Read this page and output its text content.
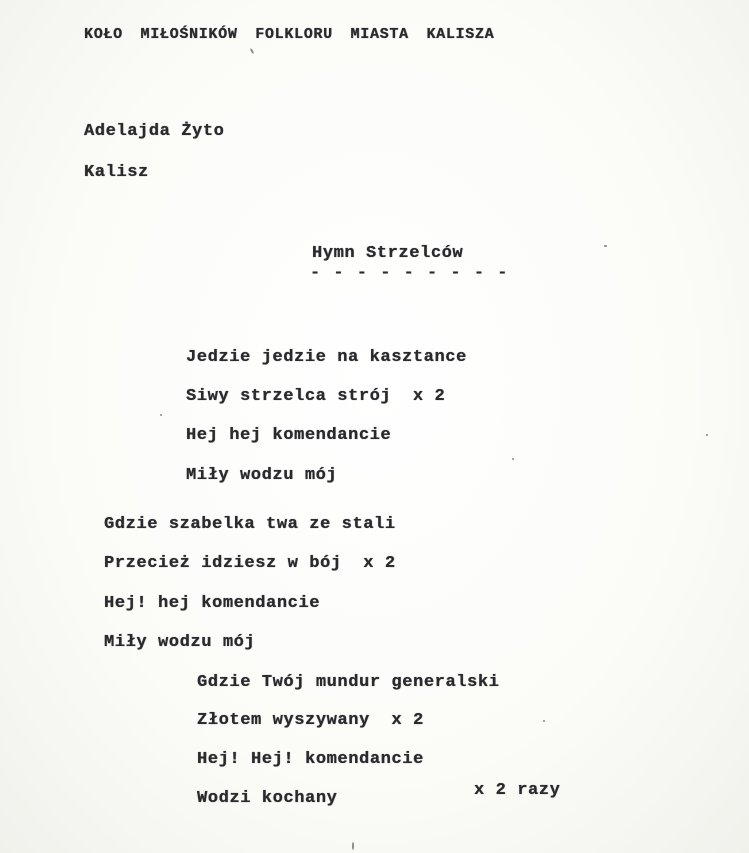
KOŁO MIŁOŚNIKÓW FOLKLORU MIASTA KALISZA
Adelajda Żyto
Kalisz
Hymn Strzelców
- - - - - - - - -
Jedzie jedzie na kasztance
Siwy strzelca strój  x 2
Hej hej komendancie
Miły wodzu mój
Gdzie szabelka twa ze stali
Przecież idziesz w bój  x 2
Hej! hej komendancie
Miły wodzu mój
Gdzie Twój mundur generalski
Złotem wyszywany  x 2
Hej! Hej! komendancie
Wodzi kochany	x 2 razy
